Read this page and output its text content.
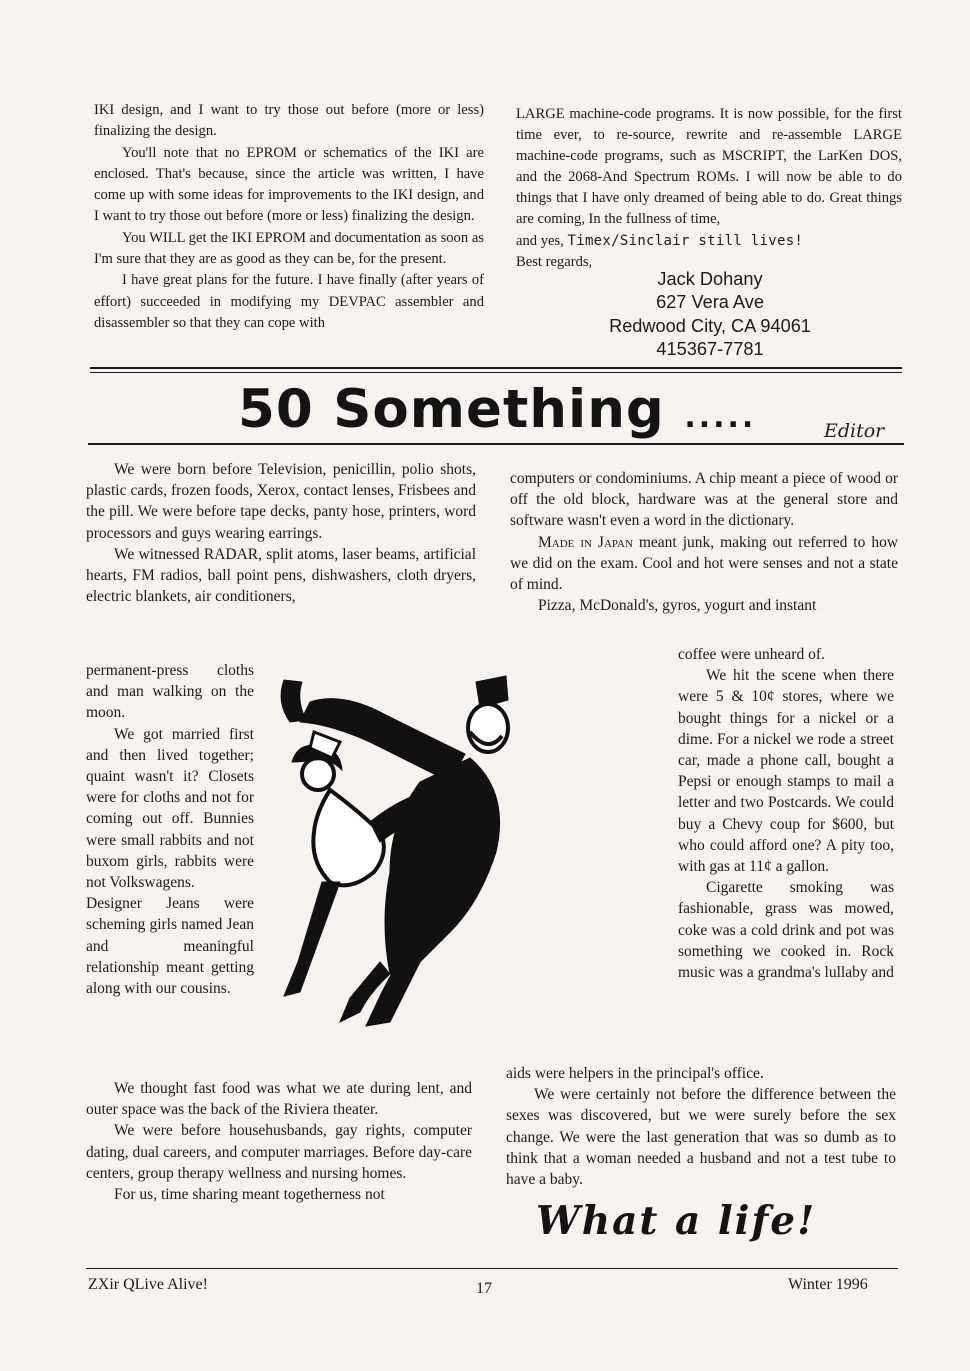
IKI design, and I want to try those out before (more or less) finalizing the design.

You'll note that no EPROM or schematics of the IKI are enclosed. That's because, since the article was written, I have come up with some ideas for improvements to the IKI design, and I want to try those out before (more or less) finalizing the design.

You WILL get the IKI EPROM and documentation as soon as I'm sure that they are as good as they can be, for the present.

I have great plans for the future. I have finally (after years of effort) succeeded in modifying my DEVPAC assembler and disassembler so that they can cope with

LARGE machine-code programs. It is now possible, for the first time ever, to re-source, rewrite and re-assemble LARGE machine-code programs, such as MSCRIPT, the LarKen DOS, and the 2068-And Spectrum ROMs. I will now be able to do things that I have only dreamed of being able to do. Great things are coming, In the fullness of time,

and yes, Timex/Sinclair still lives!

Best regards,

Jack Dohany
627 Vera Ave
Redwood City, CA 94061
415367-7781
50 Something .....	Editor

We were born before Television, penicillin, polio shots, plastic cards, frozen foods, Xerox, contact lenses, Frisbees and the pill. We were before tape decks, panty hose, printers, word processors and guys wearing earrings.

We witnessed RADAR, split atoms, laser beams, artificial hearts, FM radios, ball point pens, dishwashers, cloth dryers, electric blankets, air conditioners,

permanent-press cloths and man walking on the moon.

We got married first and then lived together; quaint wasn't it? Closets were for cloths and not for coming out off. Bunnies were small rabbits and not buxom girls, rabbits were not Volkswagens.

Designer Jeans were scheming girls named Jean and meaningful relationship meant getting along with our cousins.

We thought fast food was what we ate during lent, and outer space was the back of the Riviera theater.

We were before househusbands, gay rights, computer dating, dual careers, and computer marriages. Before day-care centers, group therapy wellness and nursing homes.

For us, time sharing meant togetherness not

computers or condominiums. A chip meant a piece of wood or off the old block, hardware was at the general store and software wasn't even a word in the dictionary.

Made in Japan meant junk, making out referred to how we did on the exam. Cool and hot were senses and not a state of mind.

Pizza, McDonald's, gyros, yogurt and instant

coffee were unheard of.

We hit the scene when there were 5 & 10¢ stores, where we bought things for a nickel or a dime. For a nickel we rode a street car, made a phone call, bought a Pepsi or enough stamps to mail a letter and two Postcards. We could buy a Chevy coup for $600, but who could afford one? A pity too, with gas at 11¢ a gallon.

Cigarette smoking was fashionable, grass was mowed, coke was a cold drink and pot was something we cooked in. Rock music was a grandma's lullaby and

aids were helpers in the principal's office.

We were certainly not before the difference between the sexes was discovered, but we were surely before the sex change. We were the last generation that was so dumb as to think that a woman needed a husband and not a test tube to have a baby.

What a life!
ZXir QLive Alive!	17	Winter 1996
